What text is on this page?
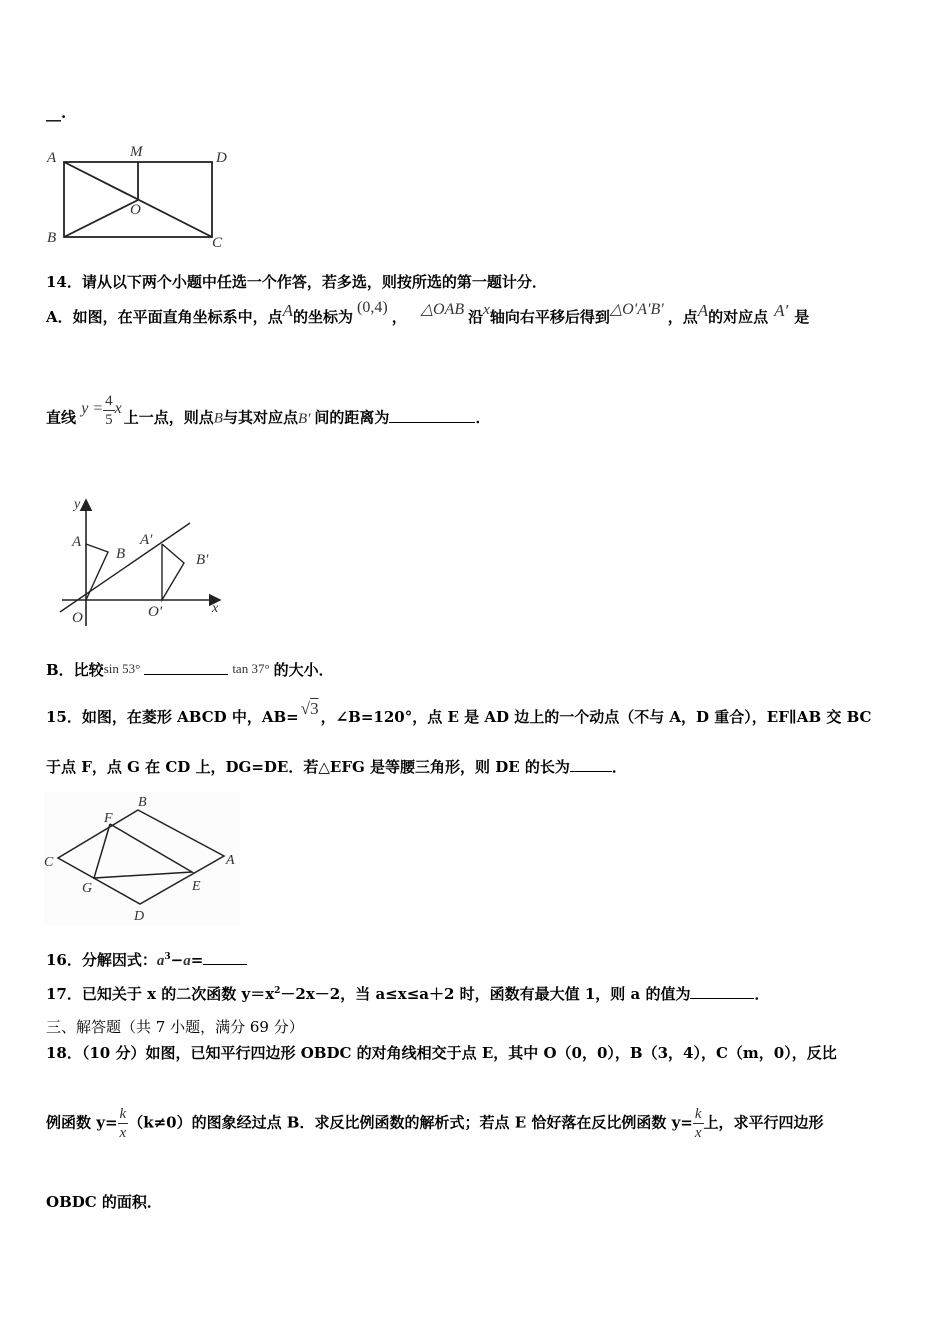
__.
A	M	D
O
B	C
14．请从以下两个小题中任选一个作答，若多选，则按所选的第一题计分．
A．如图，在平面直角坐标系中，点A的坐标为(0,4)， △OAB 沿x轴向右平移后得到△O′A′B′ ，点A的对应点 A′ 是
直线 $y = \frac{4}{5}$ x上一点，则点B与其对应点B′ 间的距离为	．
y
x
O
A
B
A′
B′
O′
B．比较sin 53°	tan 37° 的大小．
15．如图，在菱形 ABCD 中，AB= √3 ，∠B=120°，点 E 是 AD 边上的一个动点（不与 A，D 重合），EF∥AB 交 BC
于点 F，点 G 在 CD 上，DG=DE．若△EFG 是等腰三角形，则 DE 的长为	．
B
F
C	A
G	E
D
16．分解因式：$a^3-a=$
17．已知关于 x 的二次函数 $y=x^2-2x-2$，当 a≤x≤a＋2 时，函数有最大值 1，则 a 的值为	．
三、解答题（共 7 小题，满分 69 分）
18．（10 分）如图，已知平行四边形 OBDC 的对角线相交于点 E，其中 O（0，0），B（3，4），C（m，0），反比
例函数 $y= \frac{k}{x} (k\ne 0)$的图象经过点 B．求反比例函数的解析式；若点 E 恰好落在反比例函数 $y= \frac{k}{x}$ 上，求平行四边形
OBDC 的面积．
